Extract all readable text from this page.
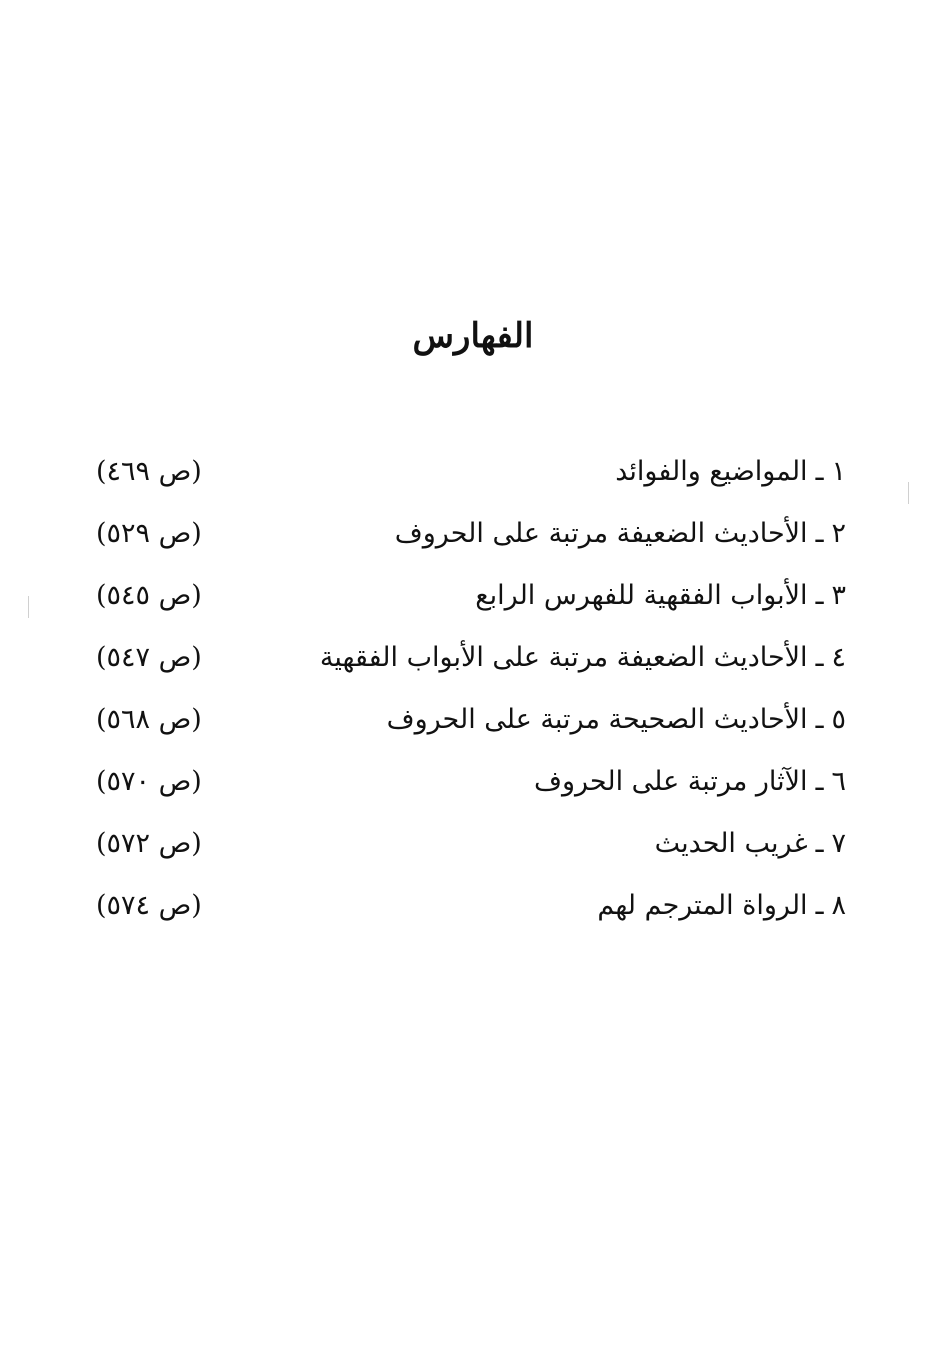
الفهارس
١
ـ
المواضيع والفوائد
(ص ٤٦٩)
٢
ـ
الأحاديث الضعيفة مرتبة على الحروف
(ص ٥٢٩)
٣
ـ
الأبواب الفقهية للفهرس الرابع
(ص ٥٤٥)
٤
ـ
الأحاديث الضعيفة مرتبة على الأبواب الفقهية
(ص ٥٤٧)
٥
ـ
الأحاديث الصحيحة مرتبة على الحروف
(ص ٥٦٨)
٦
ـ
الآثار مرتبة على الحروف
(ص ٥٧٠)
٧
ـ
غريب الحديث
(ص ٥٧٢)
٨
ـ
الرواة المترجم لهم
(ص ٥٧٤)
